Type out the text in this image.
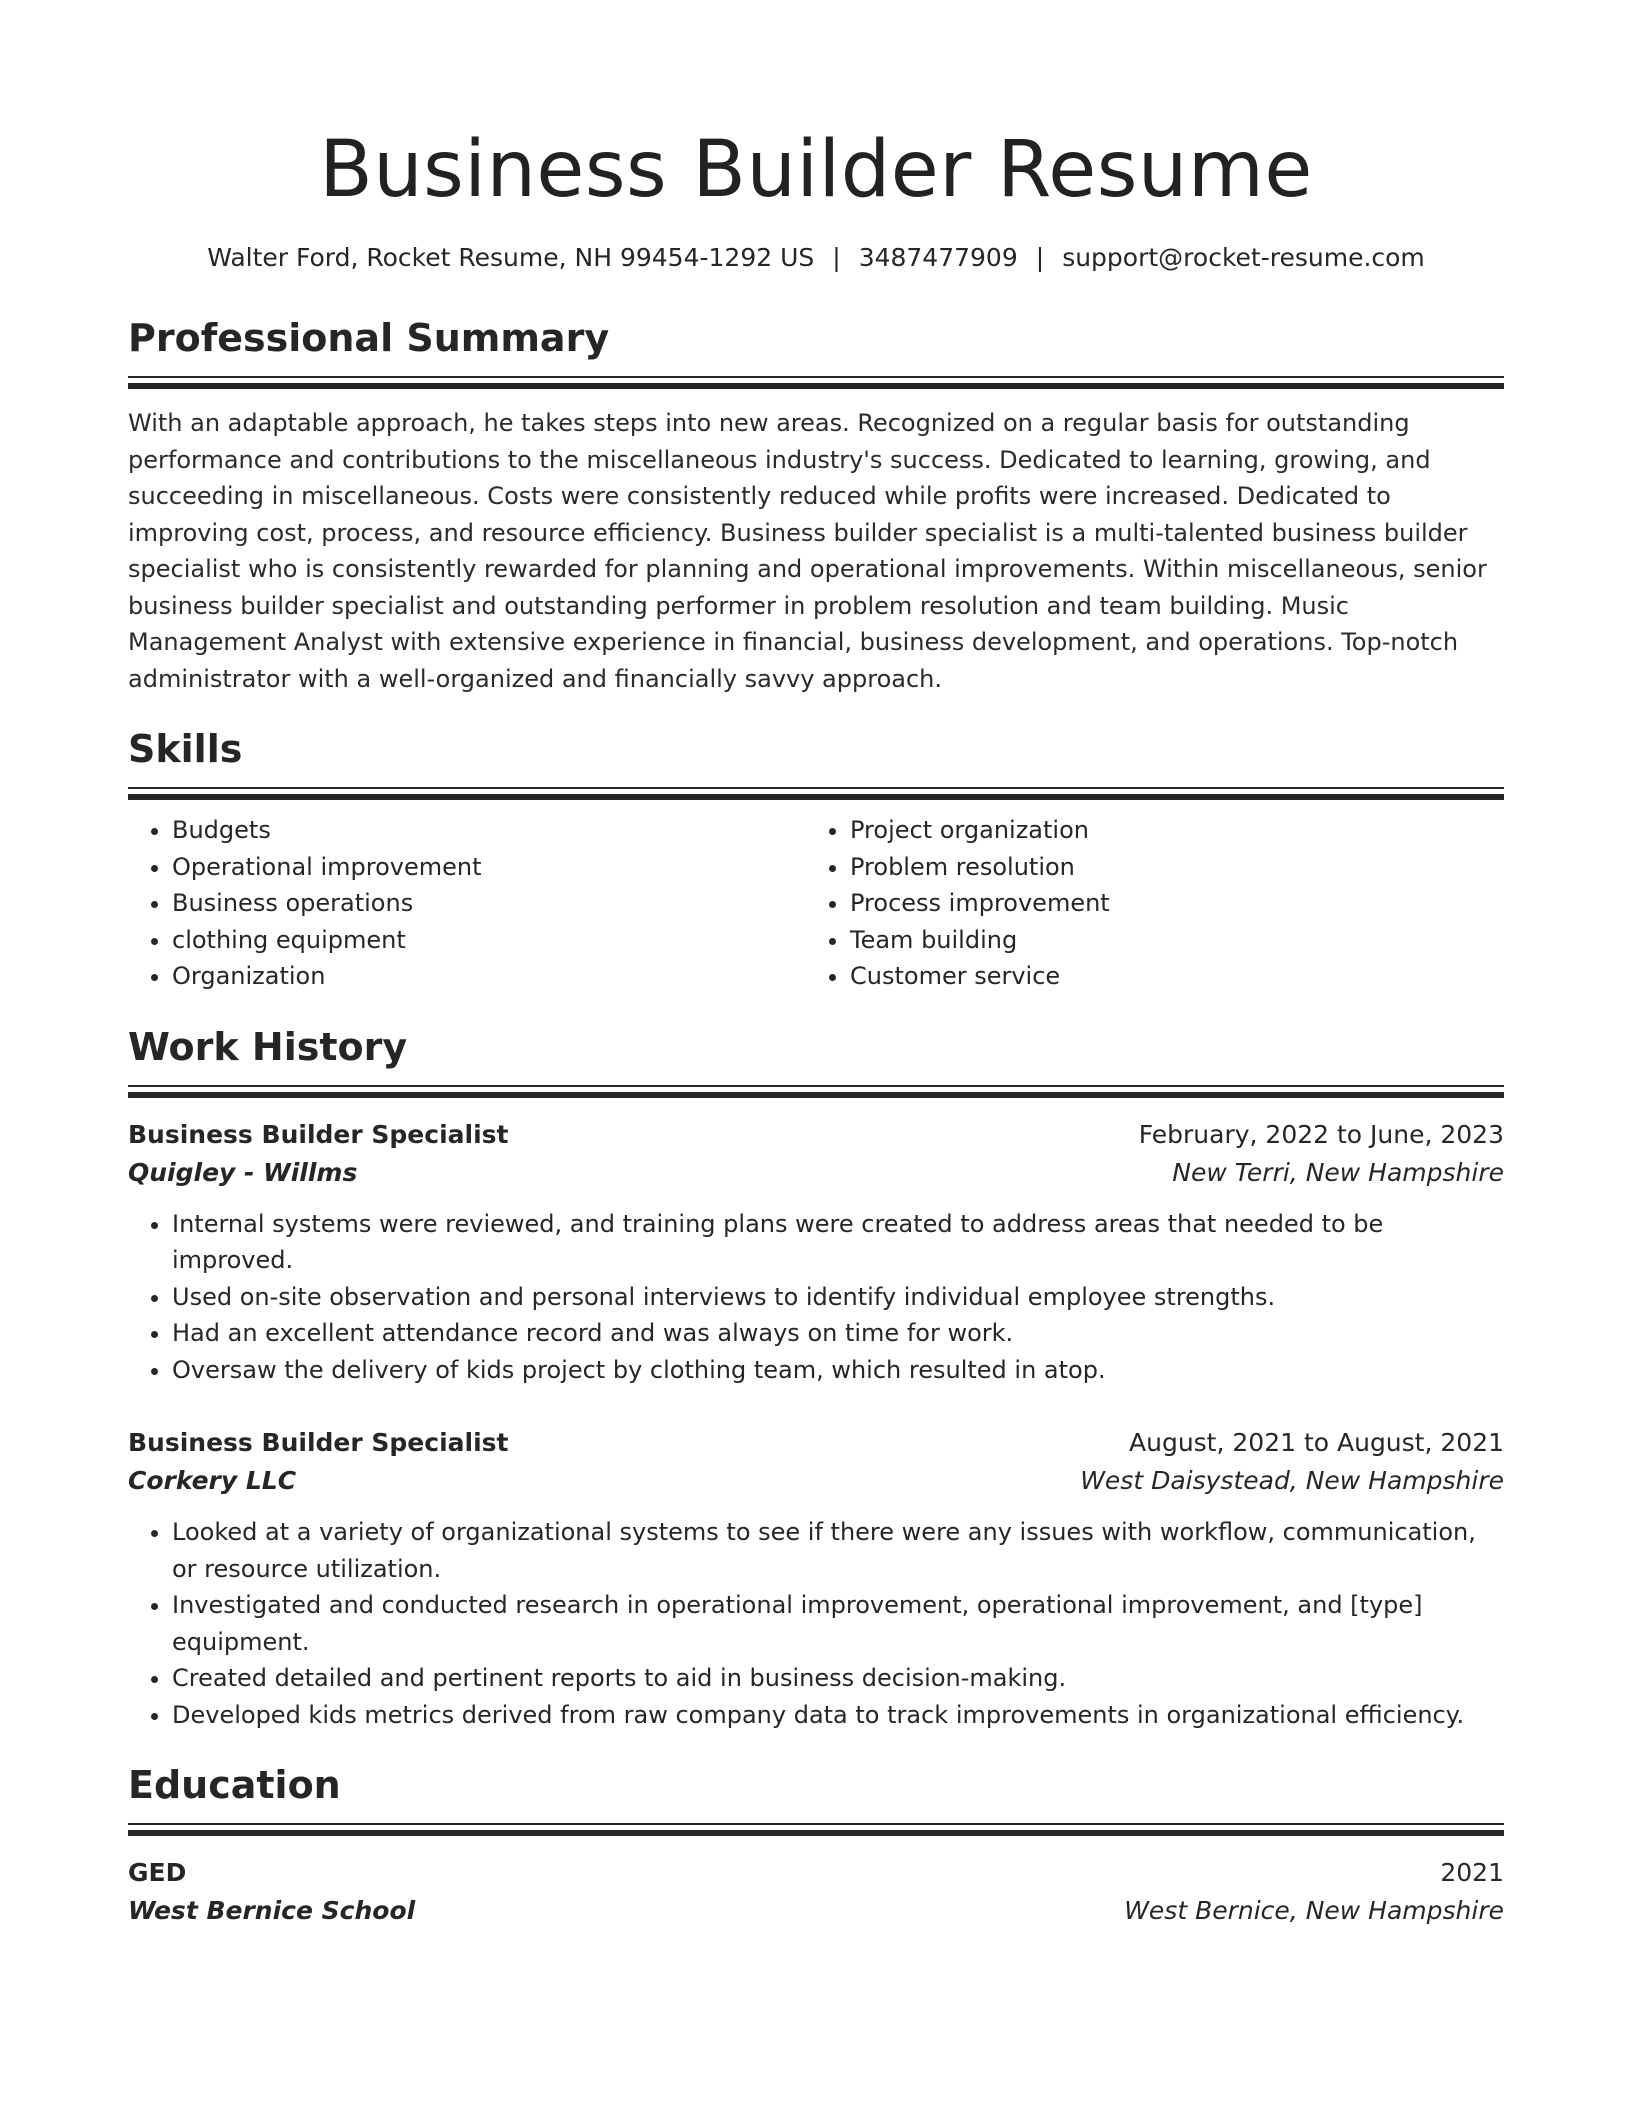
Business Builder Resume
Walter Ford, Rocket Resume, NH 99454-1292 US | 3487477909 | support@rocket-resume.com
Professional Summary

With an adaptable approach, he takes steps into new areas. Recognized on a regular basis for outstanding performance and contributions to the miscellaneous industry's success. Dedicated to learning, growing, and succeeding in miscellaneous. Costs were consistently reduced while profits were increased. Dedicated to improving cost, process, and resource efficiency. Business builder specialist is a multi-talented business builder specialist who is consistently rewarded for planning and operational improvements. Within miscellaneous, senior business builder specialist and outstanding performer in problem resolution and team building. Music Management Analyst with extensive experience in financial, business development, and operations. Top-notch administrator with a well-organized and financially savvy approach.

Skills
• Budgets
• Operational improvement
• Business operations
• clothing equipment
• Organization
• Project organization
• Problem resolution
• Process improvement
• Team building
• Customer service
Work History
Business Builder Specialist	February, 2022 to June, 2023
Quigley - Willms	New Terri, New Hampshire
• Internal systems were reviewed, and training plans were created to address areas that needed to be improved.
• Used on-site observation and personal interviews to identify individual employee strengths.
• Had an excellent attendance record and was always on time for work.
• Oversaw the delivery of kids project by clothing team, which resulted in atop.
Business Builder Specialist	August, 2021 to August, 2021
Corkery LLC	West Daisystead, New Hampshire
• Looked at a variety of organizational systems to see if there were any issues with workflow, communication, or resource utilization.
• Investigated and conducted research in operational improvement, operational improvement, and [type] equipment.
• Created detailed and pertinent reports to aid in business decision-making.
• Developed kids metrics derived from raw company data to track improvements in organizational efficiency.
Education
GED	2021
West Bernice School	West Bernice, New Hampshire
